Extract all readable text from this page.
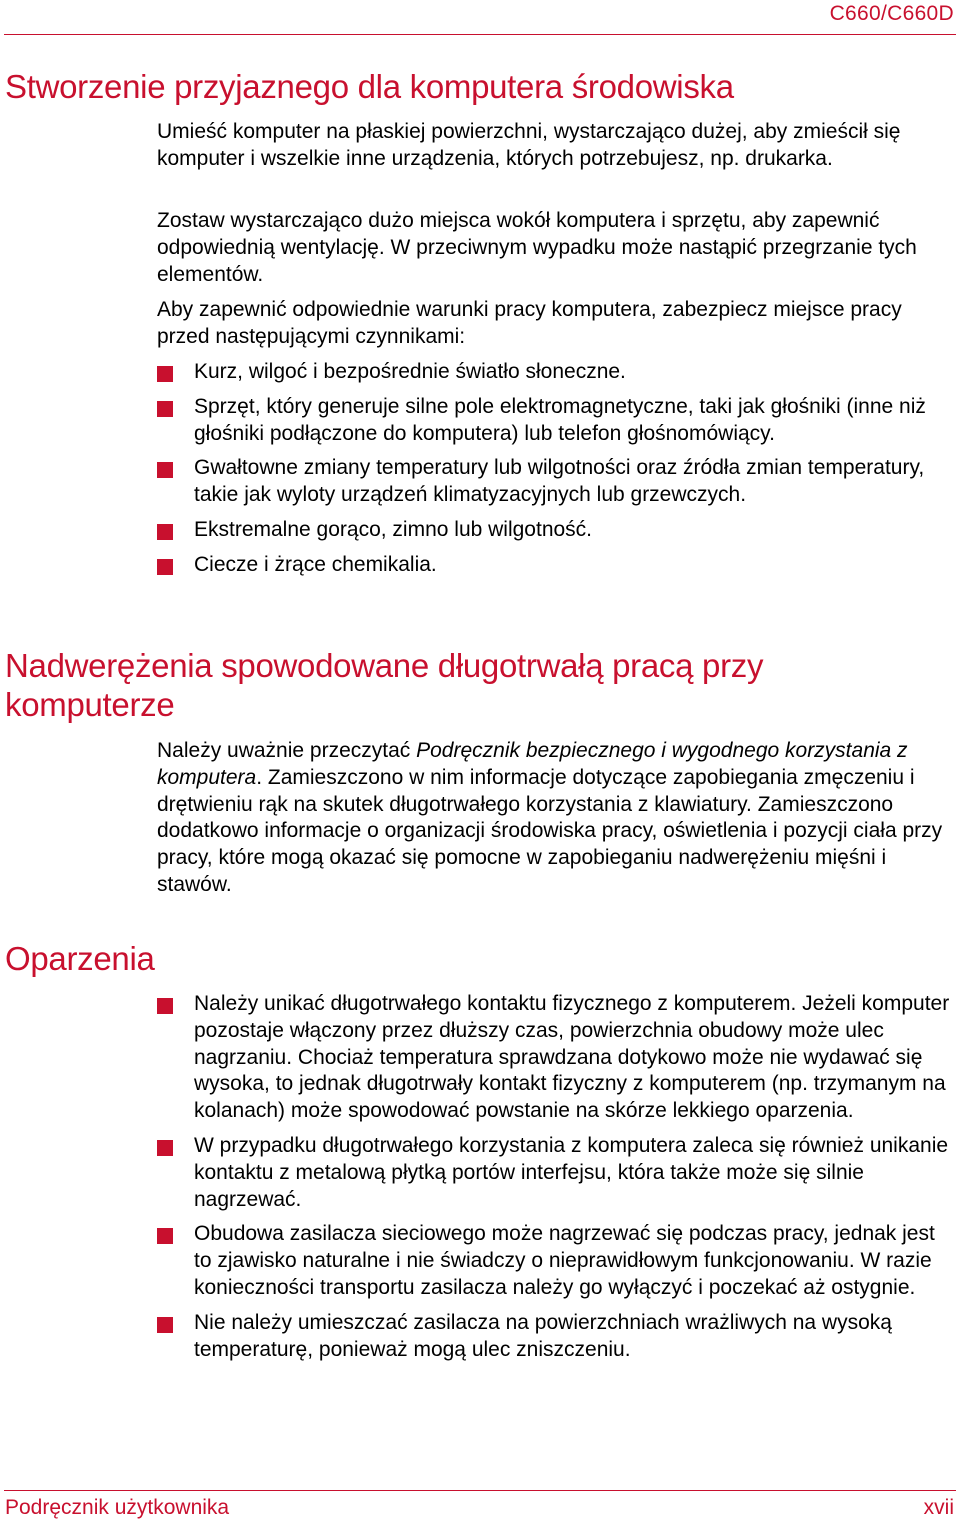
C660/C660D
Stworzenie przyjaznego dla komputera środowiska

Umieść komputer na płaskiej powierzchni, wystarczająco dużej, aby zmieścił się komputer i wszelkie inne urządzenia, których potrzebujesz, np. drukarka.

Zostaw wystarczająco dużo miejsca wokół komputera i sprzętu, aby zapewnić odpowiednią wentylację. W przeciwnym wypadku może nastąpić przegrzanie tych elementów.

Aby zapewnić odpowiednie warunki pracy komputera, zabezpiecz miejsce pracy przed następującymi czynnikami:

Kurz, wilgoć i bezpośrednie światło słoneczne.
Sprzęt, który generuje silne pole elektromagnetyczne, taki jak głośniki (inne niż głośniki podłączone do komputera) lub telefon głośnomówiący.
Gwałtowne zmiany temperatury lub wilgotności oraz źródła zmian temperatury, takie jak wyloty urządzeń klimatyzacyjnych lub grzewczych.
Ekstremalne gorąco, zimno lub wilgotność.
Ciecze i żrące chemikalia.
Nadwerężenia spowodowane długotrwałą pracą przy komputerze

Należy uważnie przeczytać Podręcznik bezpiecznego i wygodnego korzystania z komputera. Zamieszczono w nim informacje dotyczące zapobiegania zmęczeniu i drętwieniu rąk na skutek długotrwałego korzystania z klawiatury. Zamieszczono dodatkowo informacje o organizacji środowiska pracy, oświetlenia i pozycji ciała przy pracy, które mogą okazać się pomocne w zapobieganiu nadwerężeniu mięśni i stawów.

Oparzenia
Należy unikać długotrwałego kontaktu fizycznego z komputerem. Jeżeli komputer pozostaje włączony przez dłuższy czas, powierzchnia obudowy może ulec nagrzaniu. Chociaż temperatura sprawdzana dotykowo może nie wydawać się wysoka, to jednak długotrwały kontakt fizyczny z komputerem (np. trzymanym na kolanach) może spowodować powstanie na skórze lekkiego oparzenia.
W przypadku długotrwałego korzystania z komputera zaleca się również unikanie kontaktu z metalową płytką portów interfejsu, która także może się silnie nagrzewać.
Obudowa zasilacza sieciowego może nagrzewać się podczas pracy, jednak jest to zjawisko naturalne i nie świadczy o nieprawidłowym funkcjonowaniu. W razie konieczności transportu zasilacza należy go wyłączyć i poczekać aż ostygnie.
Nie należy umieszczać zasilacza na powierzchniach wrażliwych na wysoką temperaturę, ponieważ mogą ulec zniszczeniu.
Podręcznik użytkownika	xvii
